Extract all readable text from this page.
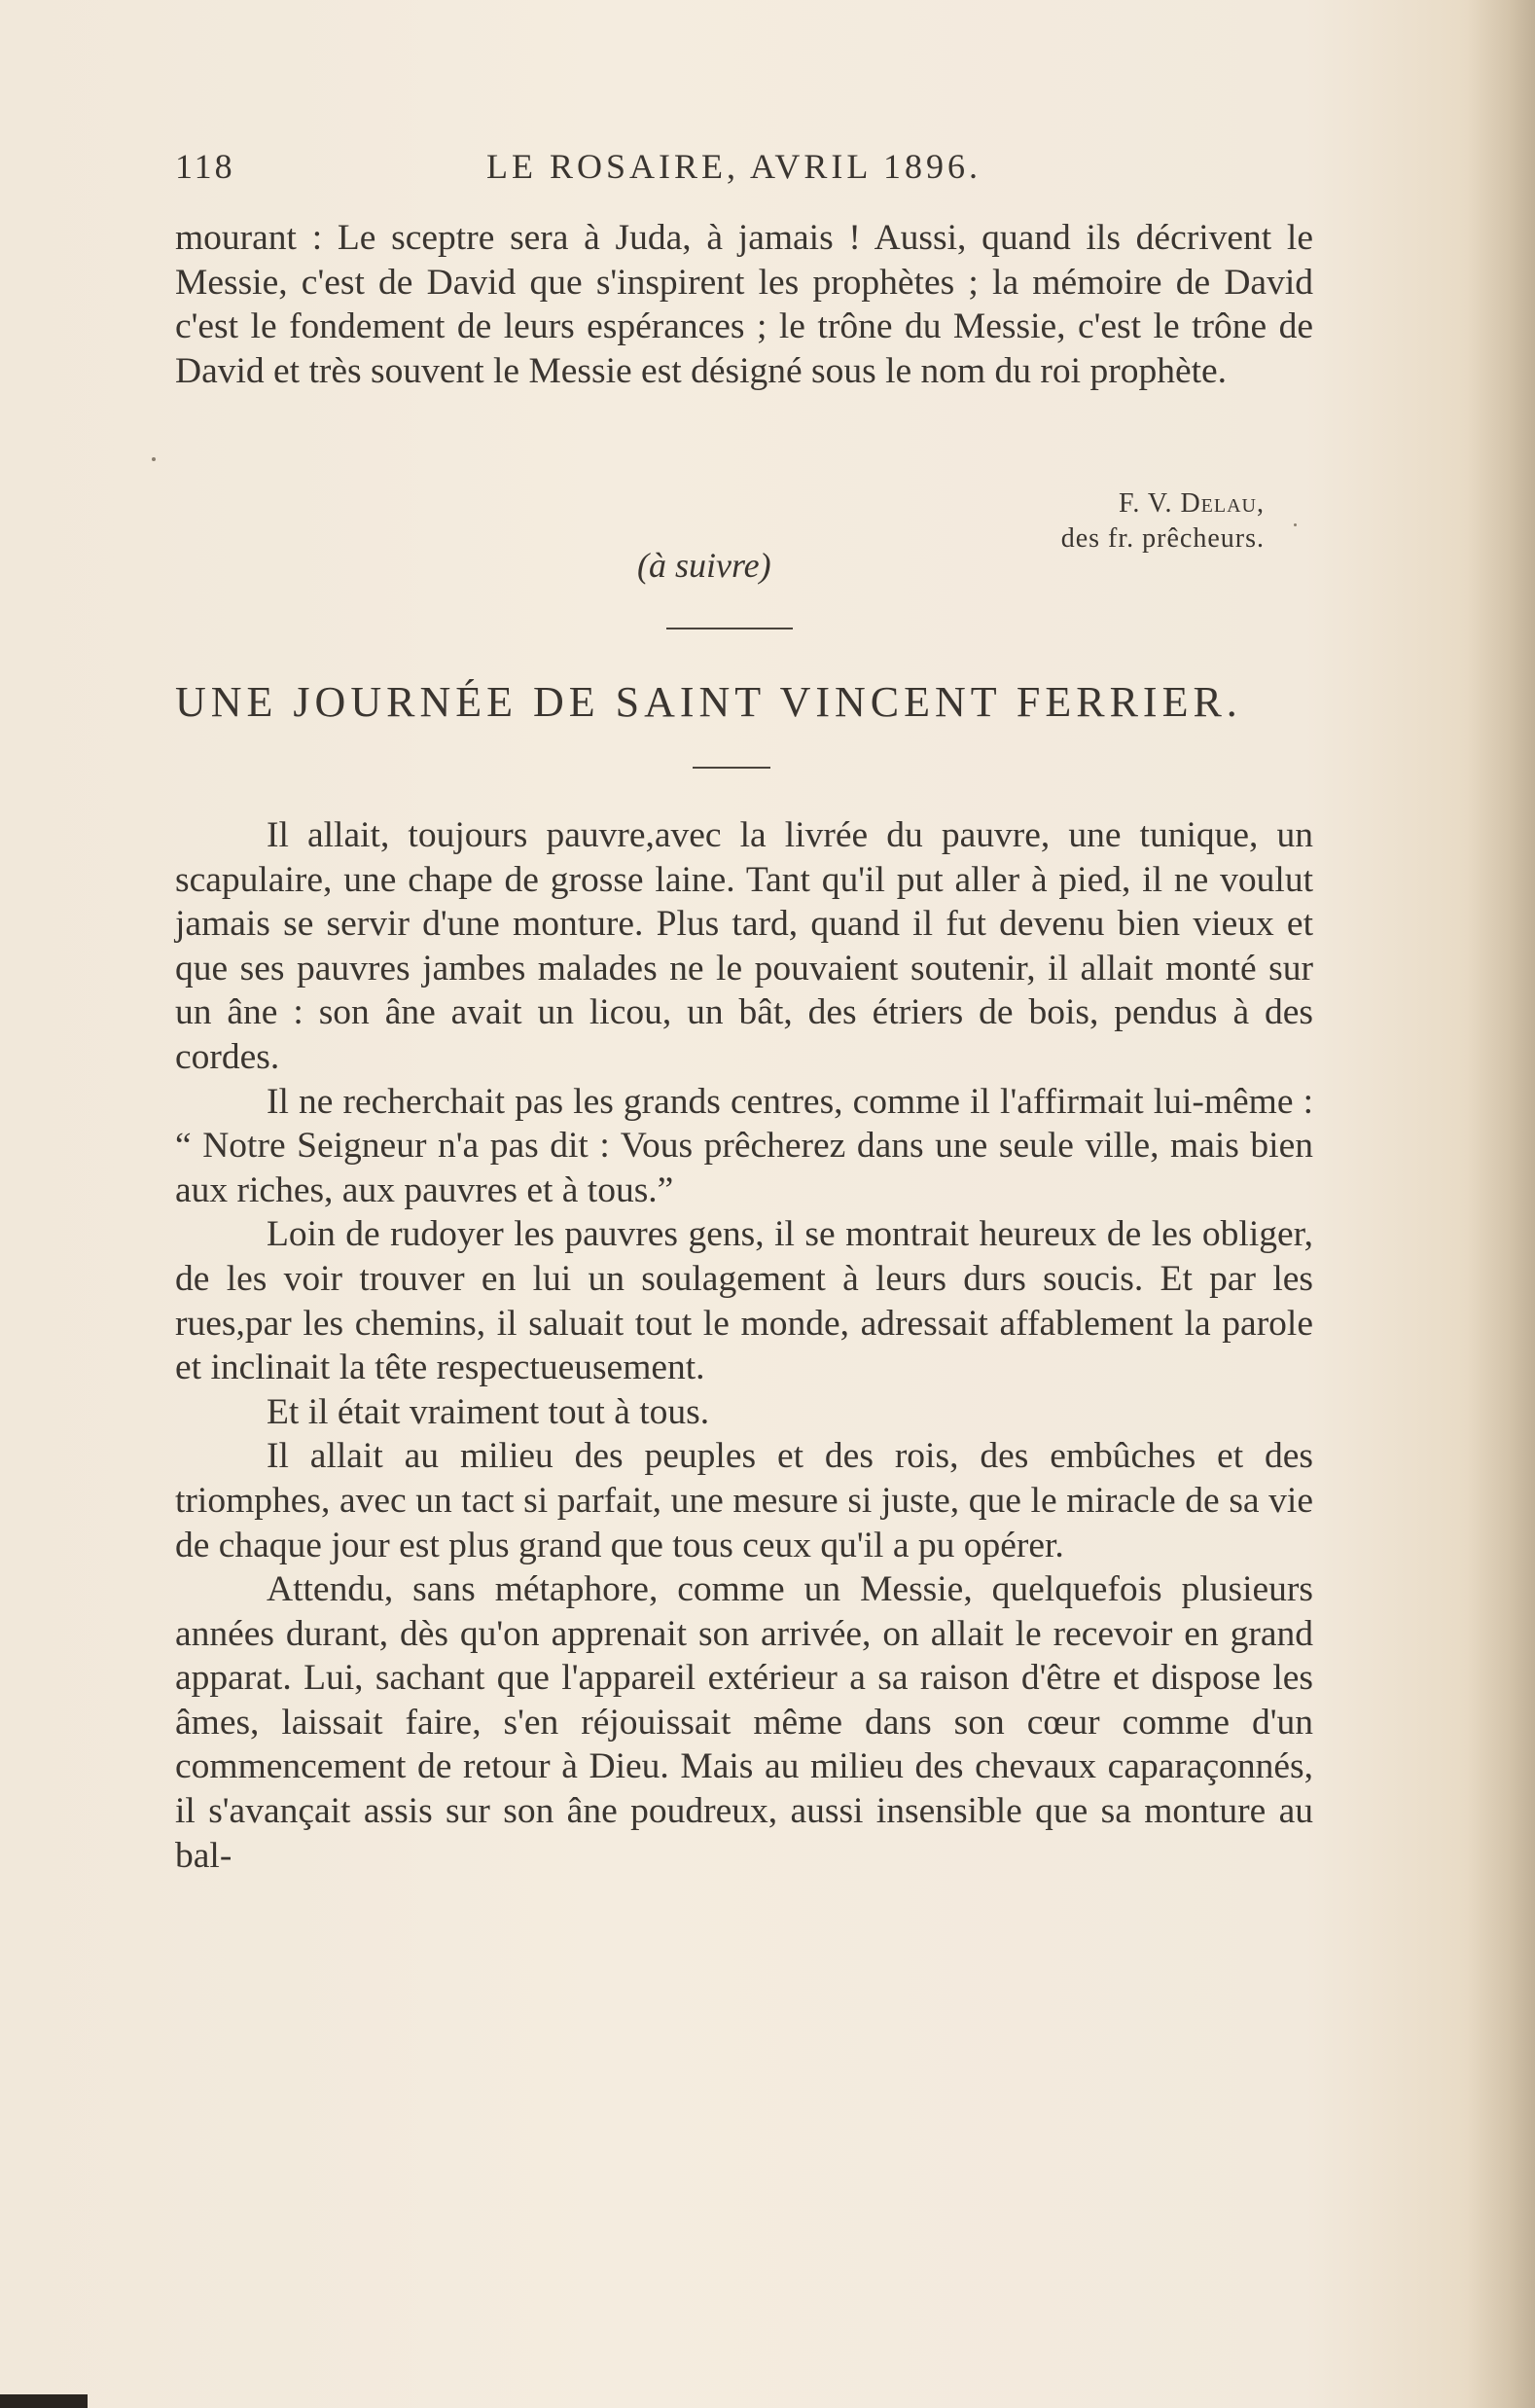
118	LE ROSAIRE, AVRIL 1896.

mourant : Le sceptre sera à Juda, à jamais ! Aussi, quand ils décrivent le Messie, c'est de David que s'inspirent les prophètes ; la mémoire de David c'est le fondement de leurs espérances ; le trône du Messie, c'est le trône de David et très souvent le Messie est désigné sous le nom du roi prophète.

F. V. Delau,
des fr. prêcheurs.
(à suivre)
UNE JOURNÉE DE SAINT VINCENT FERRIER.

Il allait, toujours pauvre,avec la livrée du pauvre, une tunique, un scapulaire, une chape de grosse laine. Tant qu'il put aller à pied, il ne voulut jamais se servir d'une monture. Plus tard, quand il fut devenu bien vieux et que ses pauvres jambes malades ne le pouvaient soutenir, il allait monté sur un âne : son âne avait un licou, un bât, des étriers de bois, pendus à des cordes.

Il ne recherchait pas les grands centres, comme il l'affirmait lui-même : “ Notre Seigneur n'a pas dit : Vous prêcherez dans une seule ville, mais bien aux riches, aux pauvres et à tous.”

Loin de rudoyer les pauvres gens, il se montrait heureux de les obliger, de les voir trouver en lui un soulagement à leurs durs soucis. Et par les rues,par les chemins, il saluait tout le monde, adressait affablement la parole et inclinait la tête respectueusement.

Et il était vraiment tout à tous.

Il allait au milieu des peuples et des rois, des embûches et des triomphes, avec un tact si parfait, une mesure si juste, que le miracle de sa vie de chaque jour est plus grand que tous ceux qu'il a pu opérer.

Attendu, sans métaphore, comme un Messie, quelquefois plusieurs années durant, dès qu'on apprenait son arrivée, on allait le recevoir en grand apparat. Lui, sachant que l'appareil extérieur a sa raison d'être et dispose les âmes, laissait faire, s'en réjouissait même dans son cœur comme d'un commencement de retour à Dieu. Mais au milieu des chevaux caparaçonnés, il s'avançait assis sur son âne poudreux, aussi insensible que sa monture au bal-
